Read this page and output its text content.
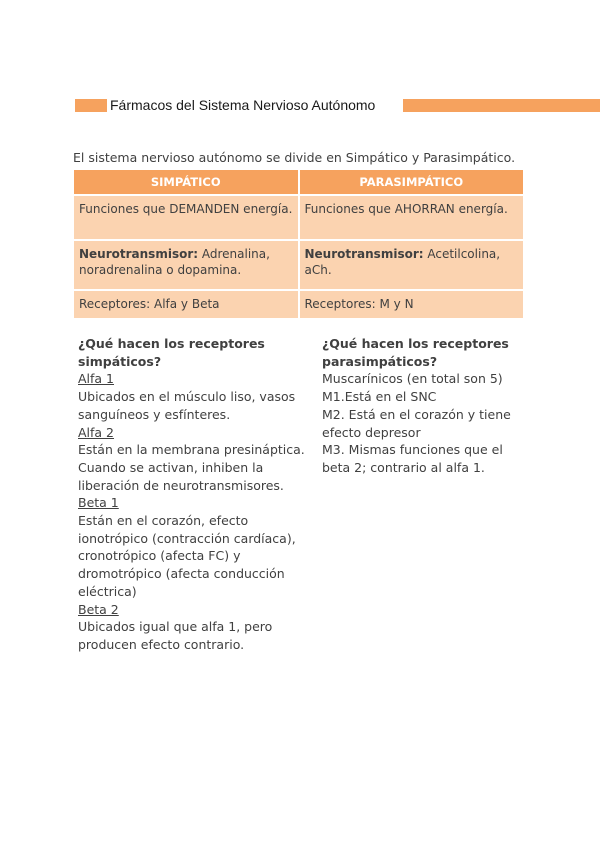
Fármacos del Sistema Nervioso Autónomo
El sistema nervioso autónomo se divide en Simpático y Parasimpático.
SIMPÁTICO	PARASIMPÁTICO
Funciones que DEMANDEN energía.	Funciones que AHORRAN energía.
Neurotransmisor: Adrenalina, noradrenalina o dopamina.	Neurotransmisor: Acetilcolina, aCh.
Receptores: Alfa y Beta	Receptores: M y N
¿Qué hacen los receptores simpáticos?
Alfa 1

Ubicados en el músculo liso, vasos sanguíneos y esfínteres.

Alfa 2

Están en la membrana presináptica. Cuando se activan, inhiben la liberación de neurotransmisores.

Beta 1

Están en el corazón, efecto ionotrópico (contracción cardíaca), cronotrópico (afecta FC) y dromotrópico (afecta conducción eléctrica)

Beta 2

Ubicados igual que alfa 1, pero producen efecto contrario.

¿Qué hacen los receptores parasimpáticos?

Muscarínicos (en total son 5)

M1.Está en el SNC

M2. Está en el corazón y tiene efecto depresor

M3. Mismas funciones que el beta 2; contrario al alfa 1.
